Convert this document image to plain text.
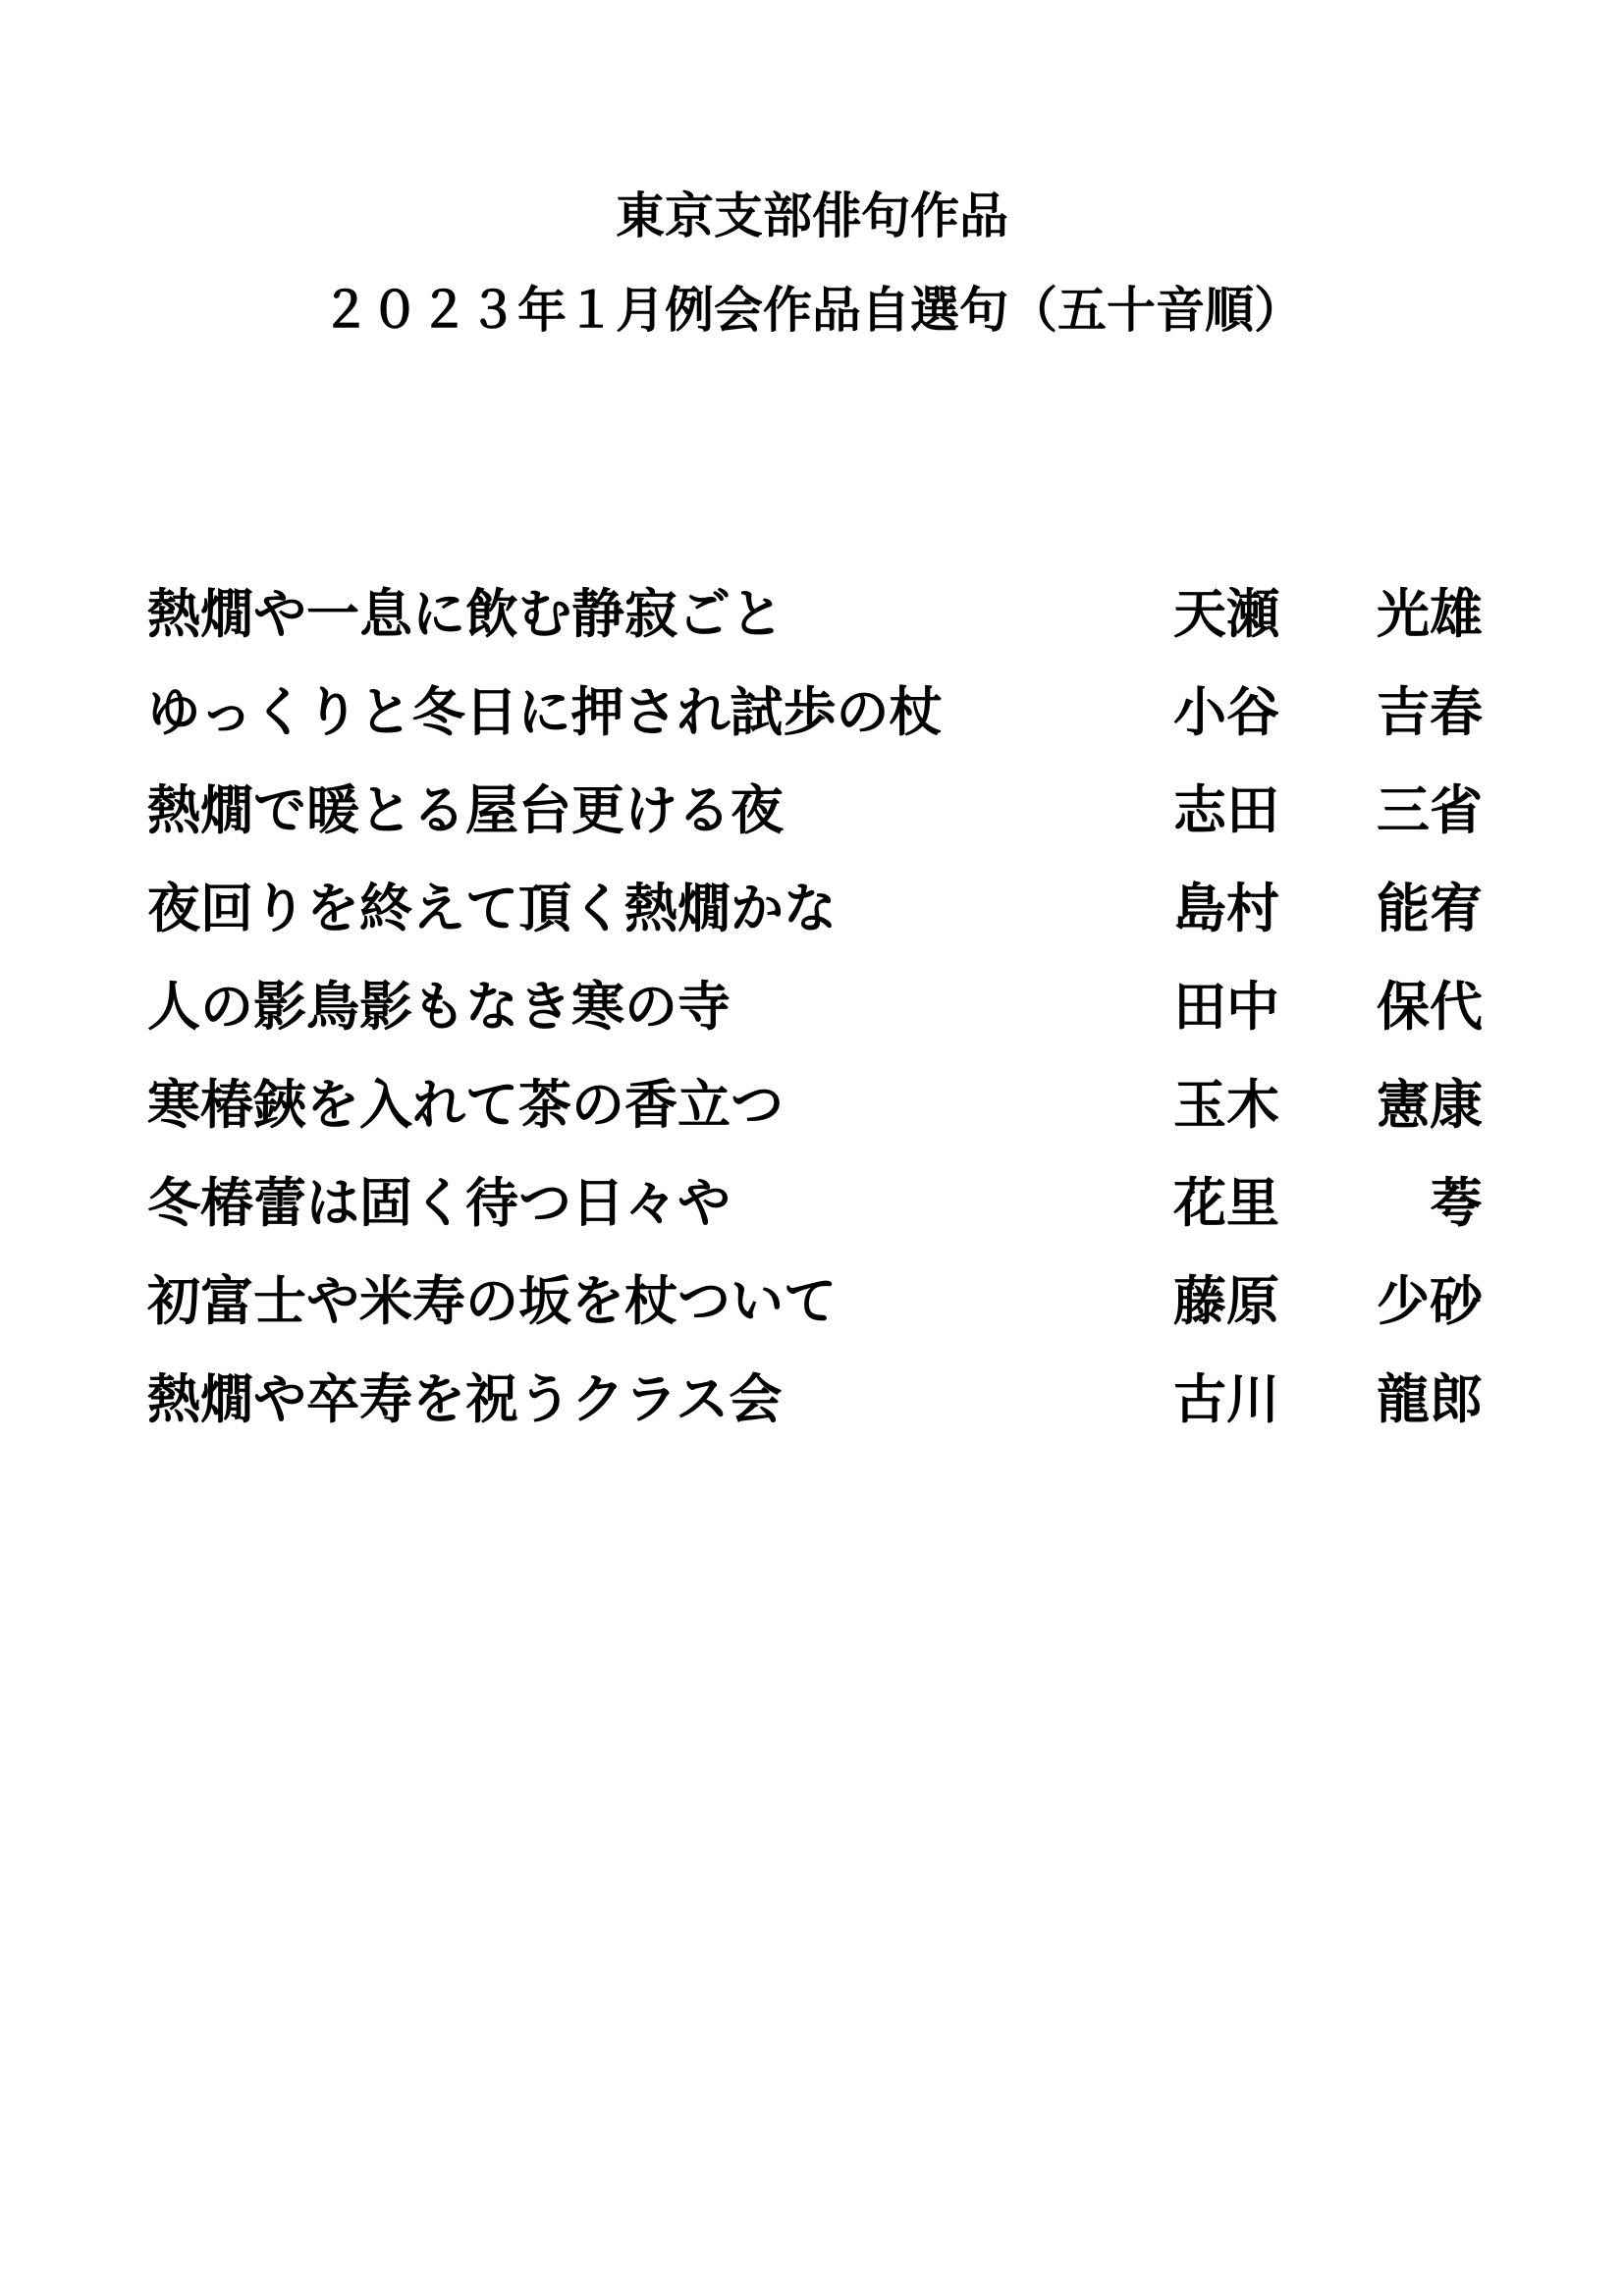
東京支部俳句作品
２０２３年１月例会作品自選句（五十音順）
熱燗や一息に飲む静寂ごと	天瀬 光雄
ゆっくりと冬日に押され試歩の杖	小谷 吉春
熱燗で暖とる屋台更ける夜	志田 三省
夜回りを終えて頂く熱燗かな	島村 能宥
人の影鳥影もなき寒の寺	田中 保代
寒椿鋏を入れて茶の香立つ	玉木 憲康
冬椿蕾は固く待つ日々や	花里	荂
初富士や米寿の坂を杖ついて	藤原 少砂
熱燗や卒寿を祝うクラス会	古川 龍郎
